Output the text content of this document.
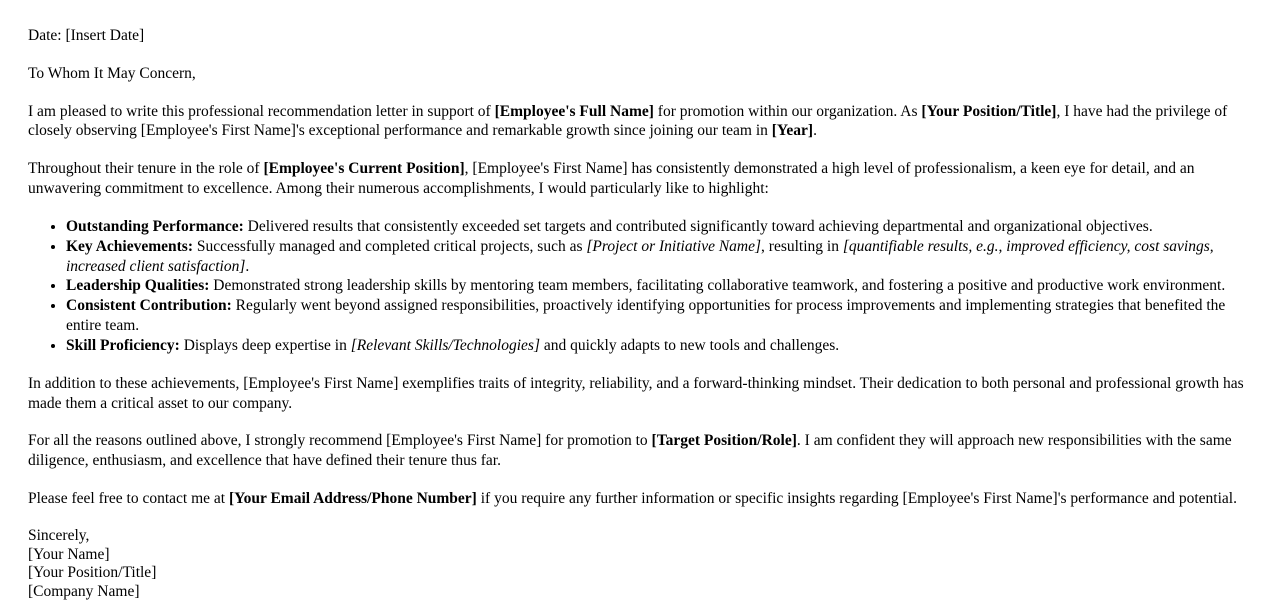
Date: [Insert Date]

To Whom It May Concern,

I am pleased to write this professional recommendation letter in support of [Employee's Full Name] for promotion within our organization. As [Your Position/Title], I have had the privilege of closely observing [Employee's First Name]'s exceptional performance and remarkable growth since joining our team in [Year].

Throughout their tenure in the role of [Employee's Current Position], [Employee's First Name] has consistently demonstrated a high level of professionalism, a keen eye for detail, and an unwavering commitment to excellence. Among their numerous accomplishments, I would particularly like to highlight:

• Outstanding Performance: Delivered results that consistently exceeded set targets and contributed significantly toward achieving departmental and organizational objectives.
• Key Achievements: Successfully managed and completed critical projects, such as [Project or Initiative Name], resulting in [quantifiable results, e.g., improved efficiency, cost savings, increased client satisfaction].
• Leadership Qualities: Demonstrated strong leadership skills by mentoring team members, facilitating collaborative teamwork, and fostering a positive and productive work environment.
• Consistent Contribution: Regularly went beyond assigned responsibilities, proactively identifying opportunities for process improvements and implementing strategies that benefited the entire team.
• Skill Proficiency: Displays deep expertise in [Relevant Skills/Technologies] and quickly adapts to new tools and challenges.

In addition to these achievements, [Employee's First Name] exemplifies traits of integrity, reliability, and a forward-thinking mindset. Their dedication to both personal and professional growth has made them a critical asset to our company.

For all the reasons outlined above, I strongly recommend [Employee's First Name] for promotion to [Target Position/Role]. I am confident they will approach new responsibilities with the same diligence, enthusiasm, and excellence that have defined their tenure thus far.

Please feel free to contact me at [Your Email Address/Phone Number] if you require any further information or specific insights regarding [Employee's First Name]'s performance and potential.

Sincerely,
[Your Name]
[Your Position/Title]
[Company Name]
